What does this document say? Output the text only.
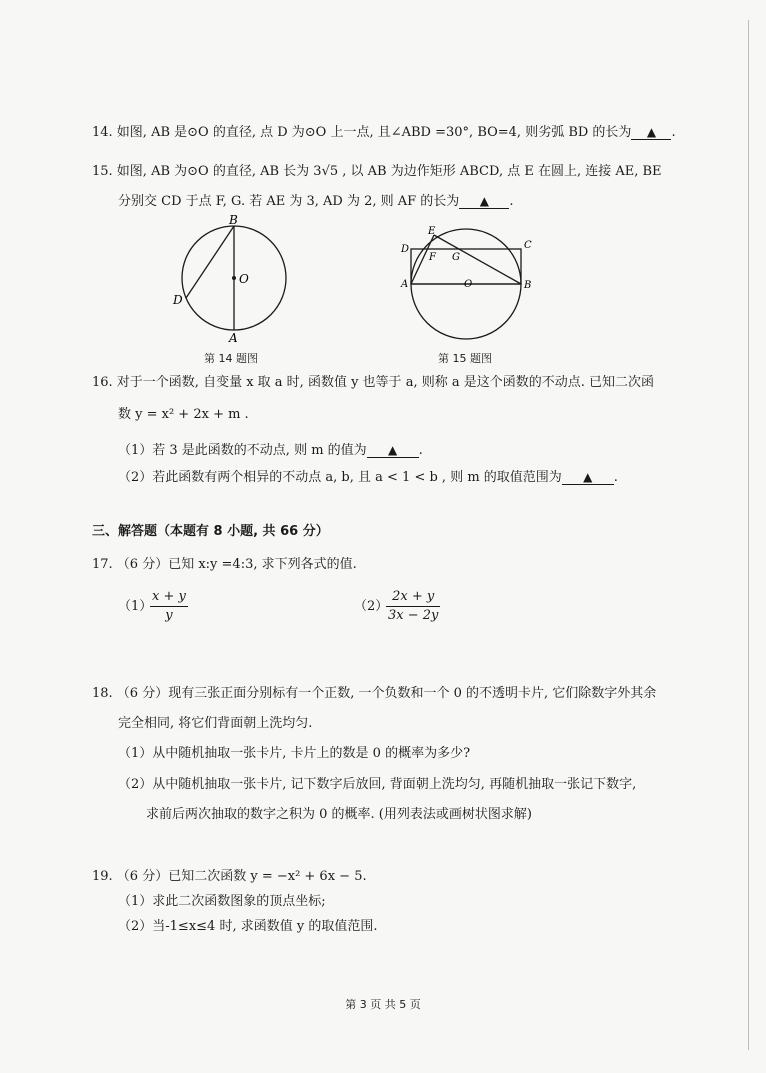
14. 如图, AB 是⊙O 的直径, 点 D 为⊙O 上一点, 且∠ABD =30°, BO=4, 则劣弧 BD 的长为 ▲ .
15. 如图, AB 为⊙O 的直径, AB 长为 3√5 , 以 AB 为边作矩形 ABCD, 点 E 在圆上, 连接 AE, BE
分别交 CD 于点 F, G. 若 AE 为 3, AD 为 2, 则 AF 的长为 ▲ .
B
O
D
A
第 14 题图
E
D	C
F G
A	O	B
第 15 题图
16. 对于一个函数, 自变量 x 取 a 时, 函数值 y 也等于 a, 则称 a 是这个函数的不动点. 已知二次函
数 y = x² + 2x + m .
（1）若 3 是此函数的不动点, 则 m 的值为 ▲ .
（2）若此函数有两个相异的不动点 a, b, 且 a < 1 < b , 则 m 的取值范围为 ▲ .
三、解答题（本题有 8 小题, 共 66 分）
17. （6 分）已知 x:y =4:3, 求下列各式的值.
（1）
$\frac{x + y}{y}$	（2）
$\frac{2x + y}{3x - 2y}$
18. （6 分）现有三张正面分别标有一个正数, 一个负数和一个 0 的不透明卡片, 它们除数字外其余
完全相同, 将它们背面朝上洗均匀.
（1）从中随机抽取一张卡片, 卡片上的数是 0 的概率为多少?
（2）从中随机抽取一张卡片, 记下数字后放回, 背面朝上洗均匀, 再随机抽取一张记下数字,
求前后两次抽取的数字之积为 0 的概率. (用列表法或画树状图求解)
19. （6 分）已知二次函数 y = −x² + 6x − 5.
（1）求此二次函数图象的顶点坐标;
（2）当-1≤x≤4 时, 求函数值 y 的取值范围.
第 3 页 共 5 页
